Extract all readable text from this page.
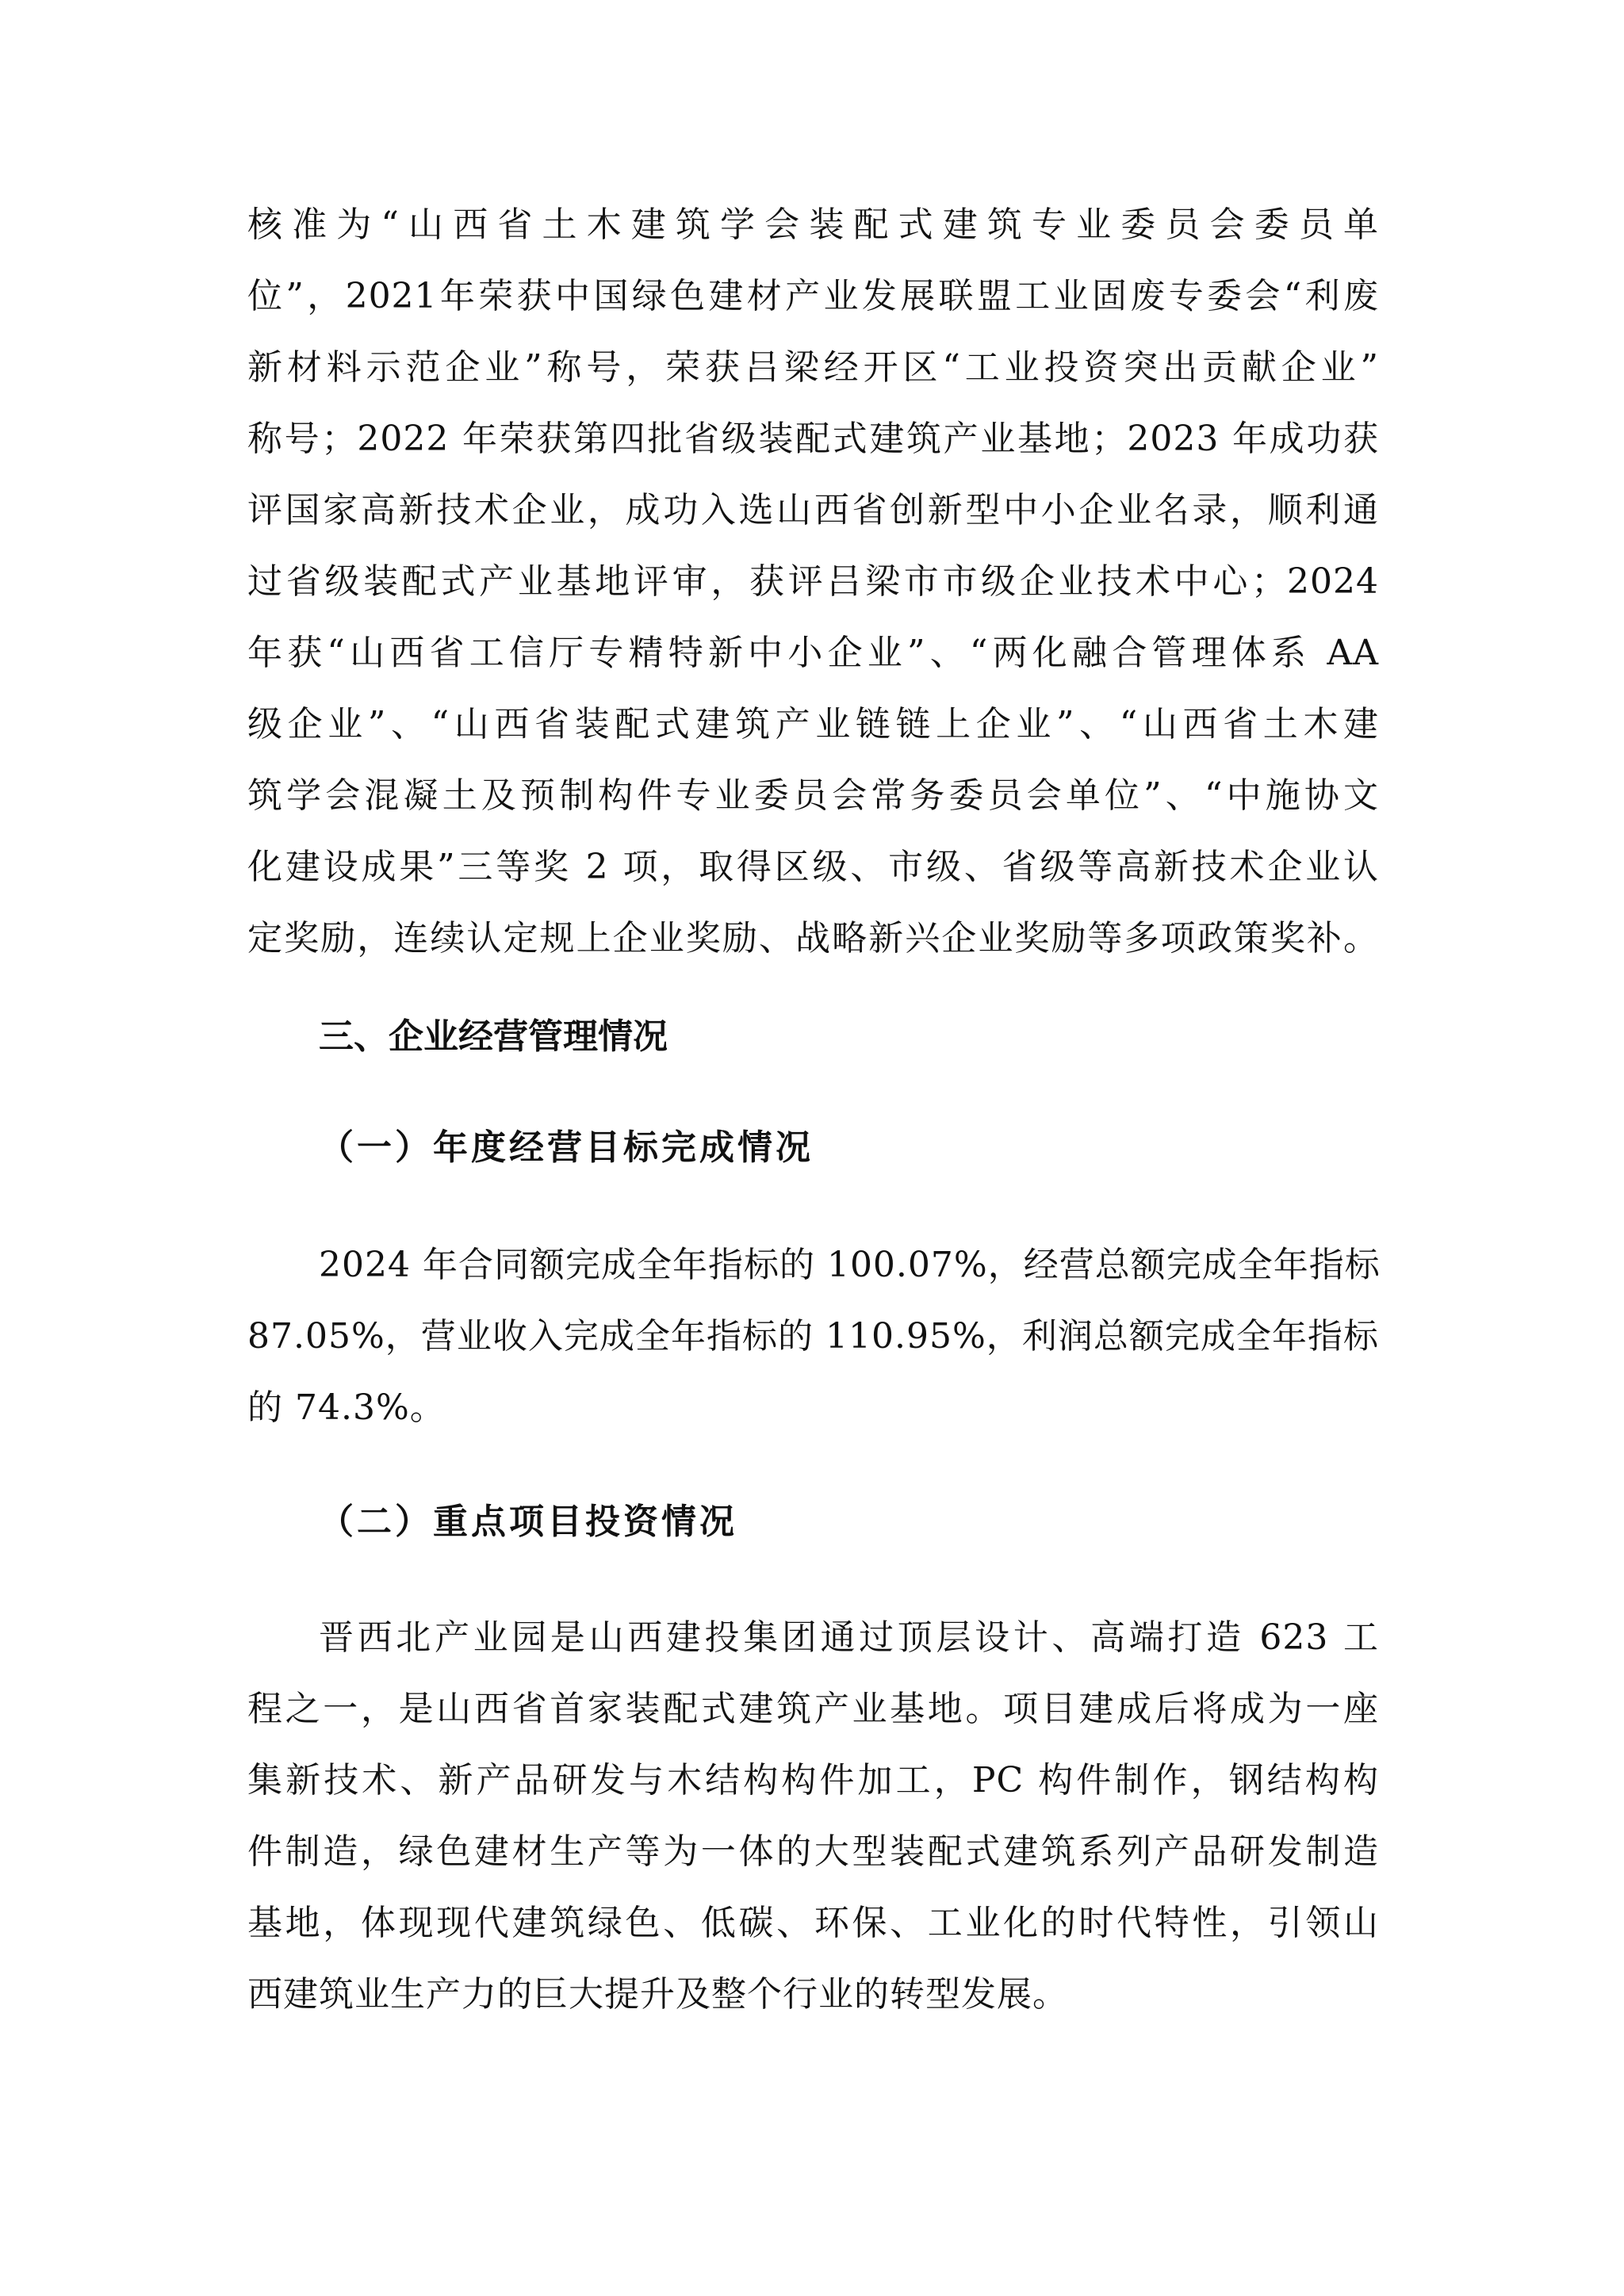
核准为“山西省土木建筑学会装配式建筑专业委员会委员单
位”，2021年荣获中国绿色建材产业发展联盟工业固废专委会“利废
新材料示范企业”称号，荣获吕梁经开区“工业投资突出贡献企业”
称号；2022 年荣获第四批省级装配式建筑产业基地；2023 年成功获
评国家高新技术企业，成功入选山西省创新型中小企业名录，顺利通
过省级装配式产业基地评审，获评吕梁市市级企业技术中心；2024
年获“山西省工信厅专精特新中小企业”、“两化融合管理体系 AA
级企业”、“山西省装配式建筑产业链链上企业”、“山西省土木建
筑学会混凝土及预制构件专业委员会常务委员会单位”、“中施协文
化建设成果”三等奖 2 项，取得区级、市级、省级等高新技术企业认
定奖励，连续认定规上企业奖励、战略新兴企业奖励等多项政策奖补。
三、企业经营管理情况
（一）年度经营目标完成情况
2024 年合同额完成全年指标的 100.07%，经营总额完成全年指标
87.05%，营业收入完成全年指标的 110.95%，利润总额完成全年指标
的 74.3%。
（二）重点项目投资情况
晋西北产业园是山西建投集团通过顶层设计、高端打造 623 工
程之一，是山西省首家装配式建筑产业基地。项目建成后将成为一座
集新技术、新产品研发与木结构构件加工，PC 构件制作，钢结构构
件制造，绿色建材生产等为一体的大型装配式建筑系列产品研发制造
基地，体现现代建筑绿色、低碳、环保、工业化的时代特性，引领山
西建筑业生产力的巨大提升及整个行业的转型发展。
